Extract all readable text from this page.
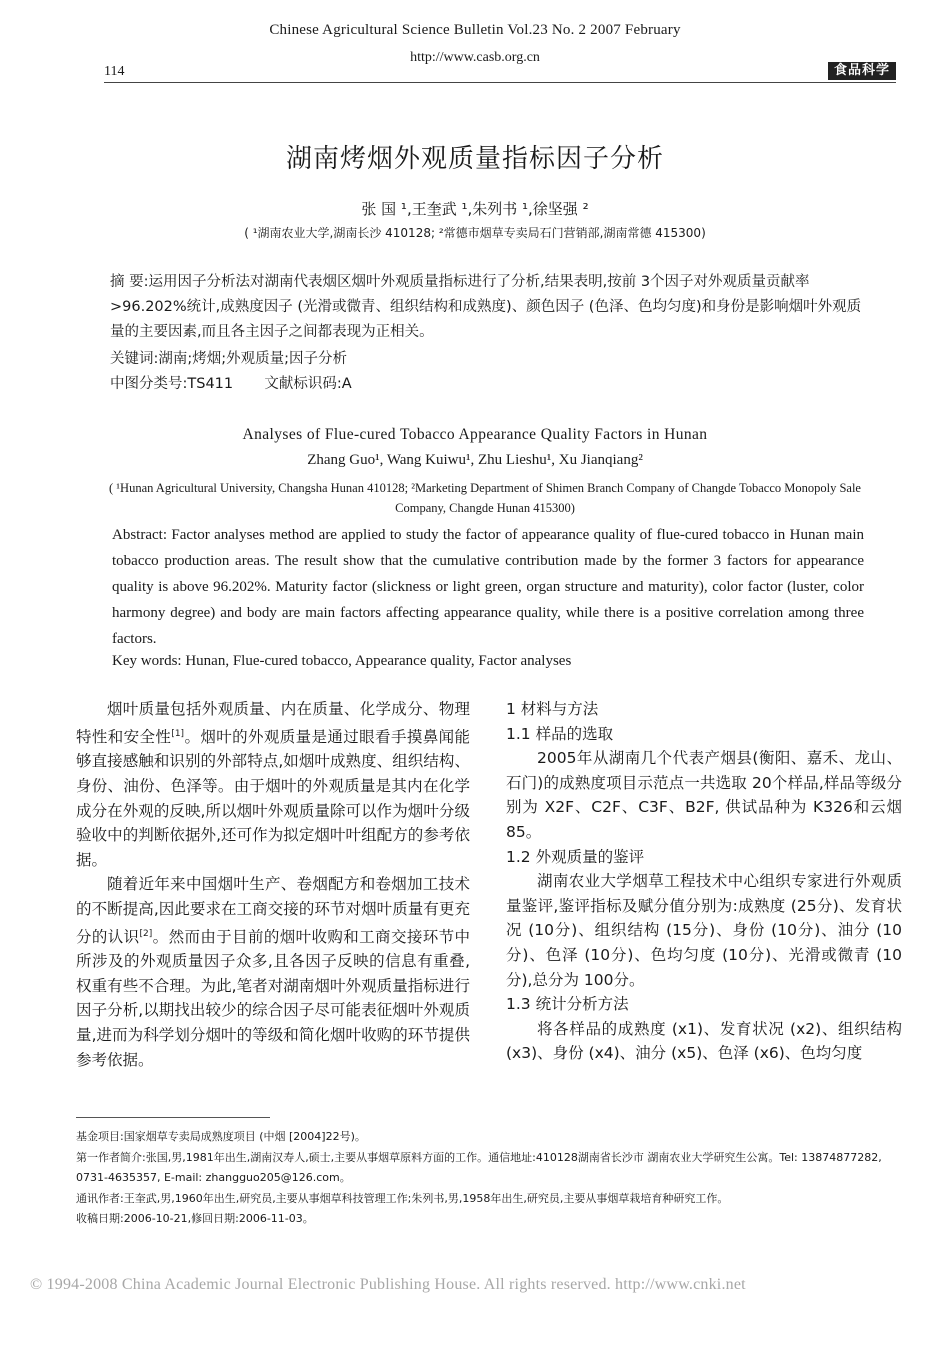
Chinese Agricultural Science Bulletin Vol.23 No. 2 2007 February
http://www.casb.org.cn
114	食品科学
湖南烤烟外观质量指标因子分析
张 国 ¹,王奎武 ¹,朱列书 ¹,徐坚强 ²
( ¹湖南农业大学,湖南长沙 410128; ²常德市烟草专卖局石门营销部,湖南常德 415300)
摘 要:运用因子分析法对湖南代表烟区烟叶外观质量指标进行了分析,结果表明,按前 3个因子对外观质量贡献率 >96.202%统计,成熟度因子 (光滑或微青、组织结构和成熟度)、颜色因子 (色泽、色均匀度)和身份是影响烟叶外观质量的主要因素,而且各主因子之间都表现为正相关。
关键词:湖南;烤烟;外观质量;因子分析
中图分类号:TS411 文献标识码:A
Analyses of Flue-cured Tobacco Appearance Quality Factors in Hunan
Zhang Guo¹, Wang Kuiwu¹, Zhu Lieshu¹, Xu Jianqiang²
( ¹Hunan Agricultural University, Changsha Hunan 410128; ²Marketing Department of Shimen Branch Company of Changde Tobacco Monopoly Sale Company, Changde Hunan 415300)
Abstract: Factor analyses method are applied to study the factor of appearance quality of flue-cured tobacco in Hunan main tobacco production areas. The result show that the cumulative contribution made by the former 3 factors for appearance quality is above 96.202%. Maturity factor (slickness or light green, organ structure and maturity), color factor (luster, color harmony degree) and body are main factors affecting appearance quality, while there is a positive correlation among three factors.
Key words: Hunan, Flue-cured tobacco, Appearance quality, Factor analyses

烟叶质量包括外观质量、内在质量、化学成分、物理特性和安全性[1]。烟叶的外观质量是通过眼看手摸鼻闻能够直接感触和识别的外部特点,如烟叶成熟度、组织结构、身份、油份、色泽等。由于烟叶的外观质量是其内在化学成分在外观的反映,所以烟叶外观质量除可以作为烟叶分级验收中的判断依据外,还可作为拟定烟叶叶组配方的参考依据。

随着近年来中国烟叶生产、卷烟配方和卷烟加工技术的不断提高,因此要求在工商交接的环节对烟叶质量有更充分的认识[2]。然而由于目前的烟叶收购和工商交接环节中所涉及的外观质量因子众多,且各因子反映的信息有重叠,权重有些不合理。为此,笔者对湖南烟叶外观质量指标进行因子分析,以期找出较少的综合因子尽可能表征烟叶外观质量,进而为科学划分烟叶的等级和简化烟叶收购的环节提供参考依据。

1 材料与方法

1.1 样品的选取

2005年从湖南几个代表产烟县(衡阳、嘉禾、龙山、石门)的成熟度项目示范点一共选取 20个样品,样品等级分别为 X2F、C2F、C3F、B2F, 供试品种为 K326和云烟 85。

1.2 外观质量的鉴评

湖南农业大学烟草工程技术中心组织专家进行外观质量鉴评,鉴评指标及赋分值分别为:成熟度 (25分)、发育状况 (10分)、组织结构 (15分)、身份 (10分)、油分 (10分)、色泽 (10分)、色均匀度 (10分)、光滑或微青 (10分),总分为 100分。

1.3 统计分析方法

将各样品的成熟度 (x1)、发育状况 (x2)、组织结构 (x3)、身份 (x4)、油分 (x5)、色泽 (x6)、色均匀度

基金项目:国家烟草专卖局成熟度项目 (中烟 [2004]22号)。

第一作者简介:张国,男,1981年出生,湖南汉寿人,硕士,主要从事烟草原料方面的工作。通信地址:410128湖南省长沙市 湖南农业大学研究生公寓。Tel: 13874877282, 0731-4635357, E-mail: zhangguo205@126.com。

通讯作者:王奎武,男,1960年出生,研究员,主要从事烟草科技管理工作;朱列书,男,1958年出生,研究员,主要从事烟草栽培育种研究工作。

收稿日期:2006-10-21,修回日期:2006-11-03。

© 1994-2008 China Academic Journal Electronic Publishing House. All rights reserved. http://www.cnki.net
